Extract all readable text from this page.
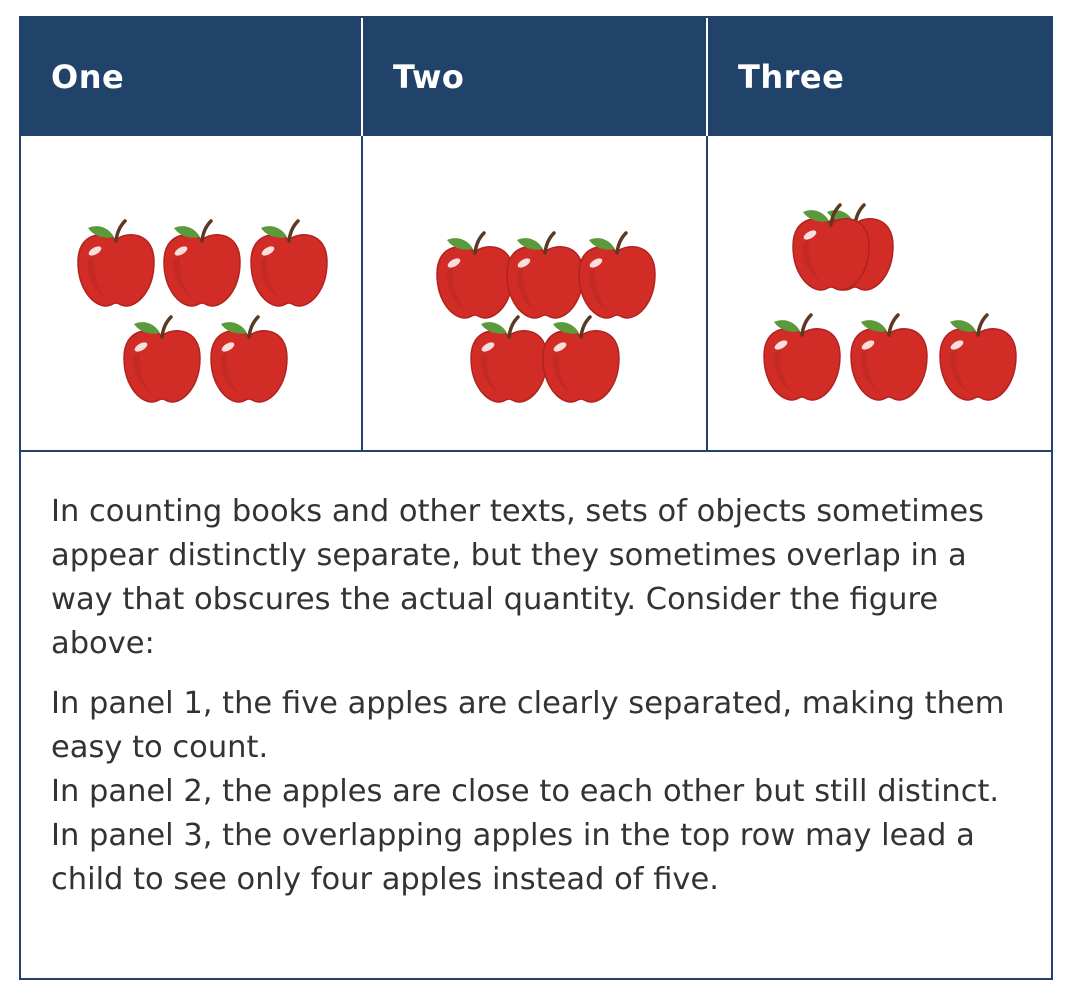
One	Two	Three

In counting books and other texts, sets of objects sometimes appear distinctly separate, but they sometimes overlap in a way that obscures the actual quantity. Consider the figure above:

In panel 1, the five apples are clearly separated, making them easy to count.

In panel 2, the apples are close to each other but still distinct.

In panel 3, the overlapping apples in the top row may lead a child to see only four apples instead of five.
